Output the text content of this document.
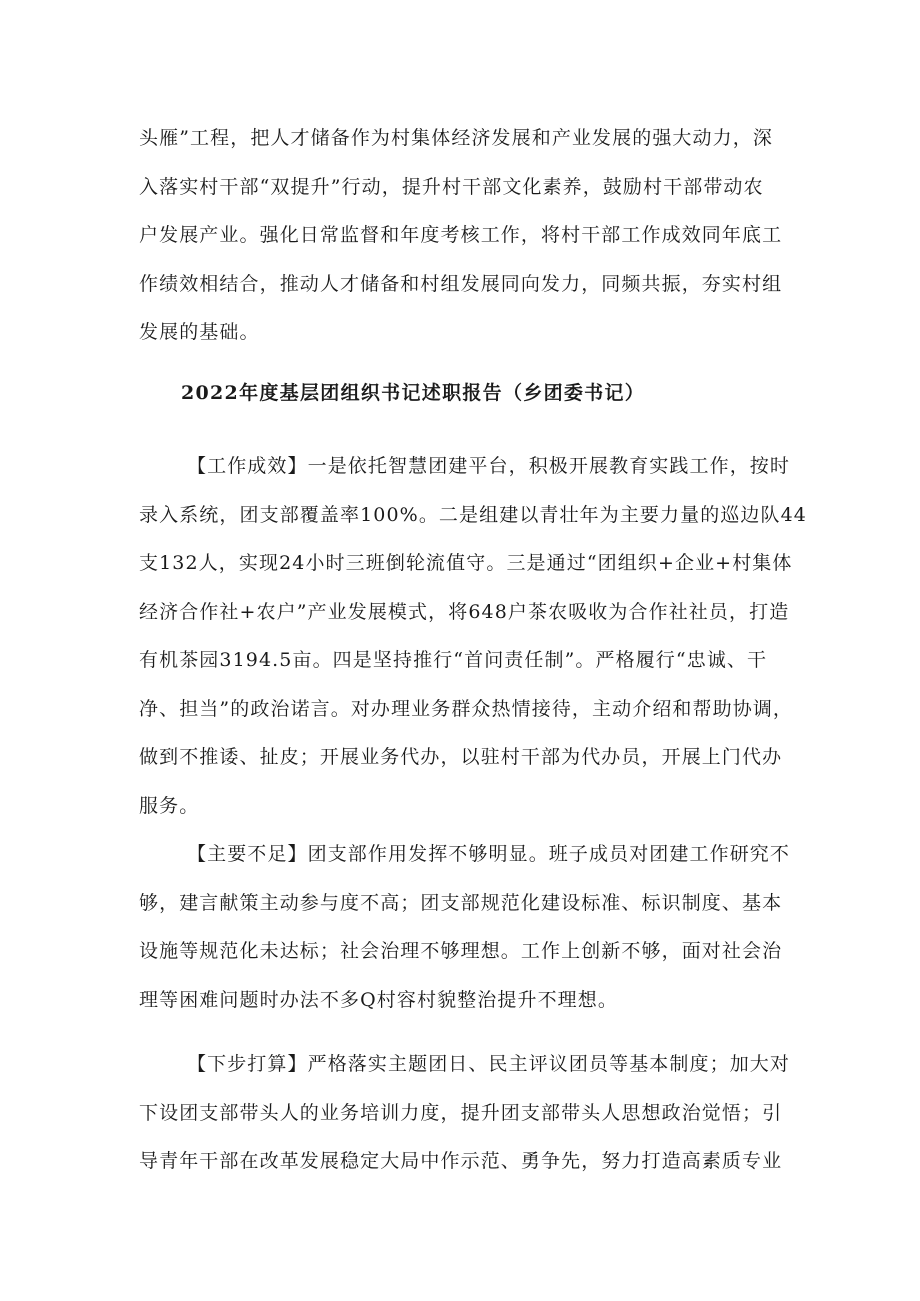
头雁”工程，把人才储备作为村集体经济发展和产业发展的强大动力，深
入落实村干部“双提升”行动，提升村干部文化素养，鼓励村干部带动农
户发展产业。强化日常监督和年度考核工作，将村干部工作成效同年底工
作绩效相结合，推动人才储备和村组发展同向发力，同频共振，夯实村组
发展的基础。
2022年度基层团组织书记述职报告（乡团委书记）
【工作成效】一是依托智慧团建平台，积极开展教育实践工作，按时
录入系统，团支部覆盖率100%。二是组建以青壮年为主要力量的巡边队44
支132人，实现24小时三班倒轮流值守。三是通过“团组织+企业+村集体
经济合作社+农户”产业发展模式，将648户茶农吸收为合作社社员，打造
有机茶园3194.5亩。四是坚持推行“首问责任制”。严格履行“忠诚、干
净、担当”的政治诺言。对办理业务群众热情接待，主动介绍和帮助协调，
做到不推诿、扯皮；开展业务代办，以驻村干部为代办员，开展上门代办
服务。
【主要不足】团支部作用发挥不够明显。班子成员对团建工作研究不
够，建言献策主动参与度不高；团支部规范化建设标准、标识制度、基本
设施等规范化未达标；社会治理不够理想。工作上创新不够，面对社会治
理等困难问题时办法不多Q村容村貌整治提升不理想。
【下步打算】严格落实主题团日、民主评议团员等基本制度；加大对
下设团支部带头人的业务培训力度，提升团支部带头人思想政治觉悟；引
导青年干部在改革发展稳定大局中作示范、勇争先，努力打造高素质专业
